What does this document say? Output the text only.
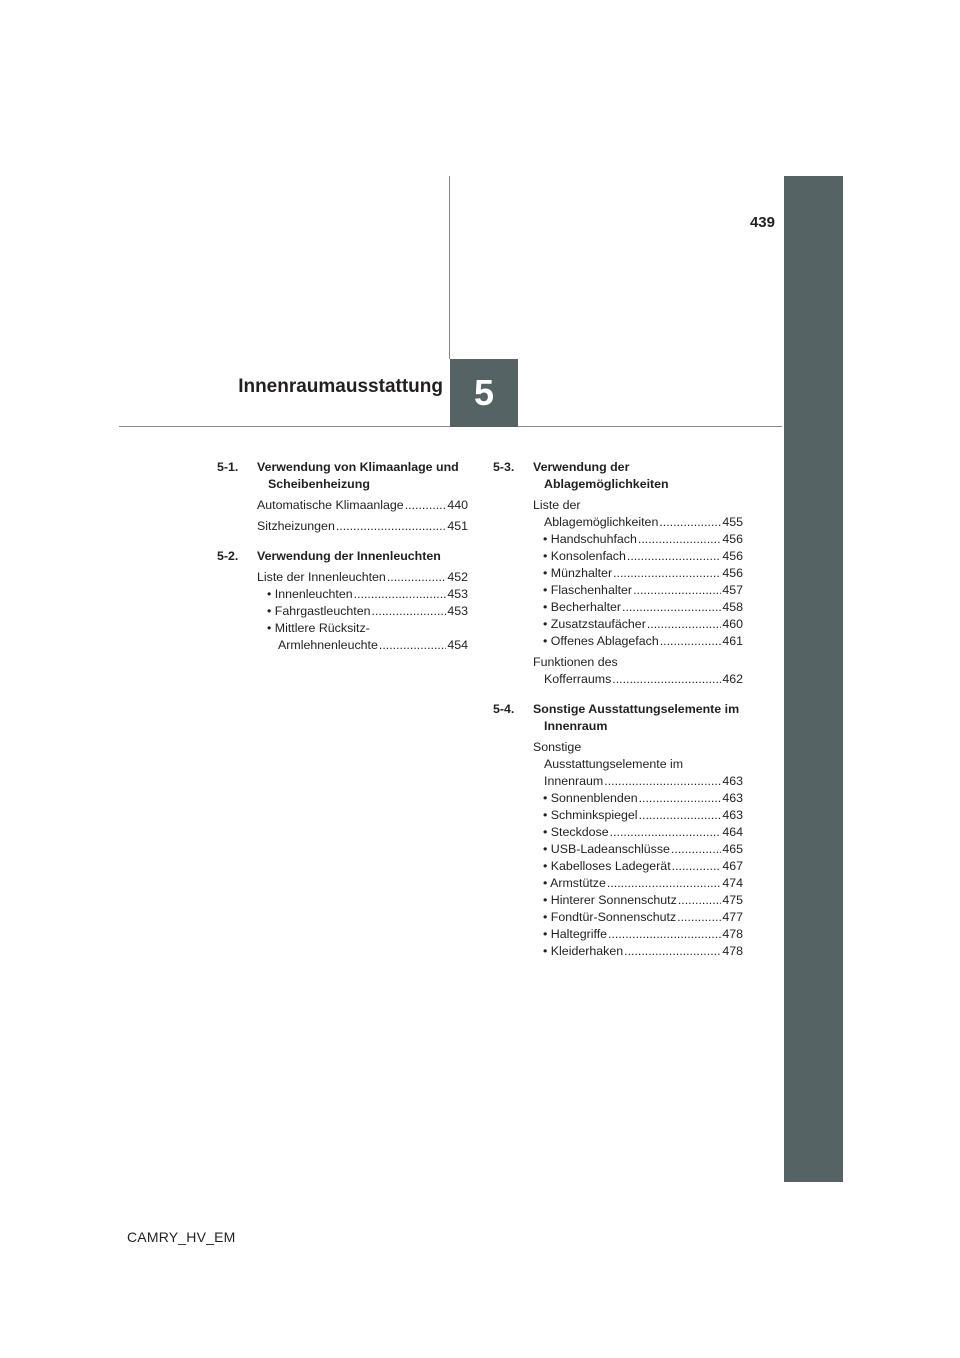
5
Innenraumausstattung
439
5-1.	Verwendung von Klimaanlage und Scheibenheizung
Automatische Klimaanlage .....	440
Sitzheizungen .....	451
5-2.	Verwendung der Innenleuchten
Liste der Innenleuchten .....	452
• Innenleuchten .....	453
• Fahrgastleuchten .....	453
• Mittlere Rücksitz-
Armlehnenleuchte .....	454
5-3.	Verwendung der Ablagemöglichkeiten
Liste der
Ablagemöglichkeiten .....	455
• Handschuhfach .....	456
• Konsolenfach .....	456
• Münzhalter .....	456
• Flaschenhalter .....	457
• Becherhalter .....	458
• Zusatzstaufächer .....	460
• Offenes Ablagefach .....	461
Funktionen des
Kofferraums .....	462
5-4.	Sonstige Ausstattungselemente im Innenraum
Sonstige
Ausstattungselemente im
Innenraum .....	463
• Sonnenblenden .....	463
• Schminkspiegel .....	463
• Steckdose .....	464
• USB-Ladeanschlüsse .....	465
• Kabelloses Ladegerät .....	467
• Armstütze .....	474
• Hinterer Sonnenschutz .....	475
• Fondtür-Sonnenschutz .....	477
• Haltegriffe .....	478
• Kleiderhaken .....	478
CAMRY_HV_EM
